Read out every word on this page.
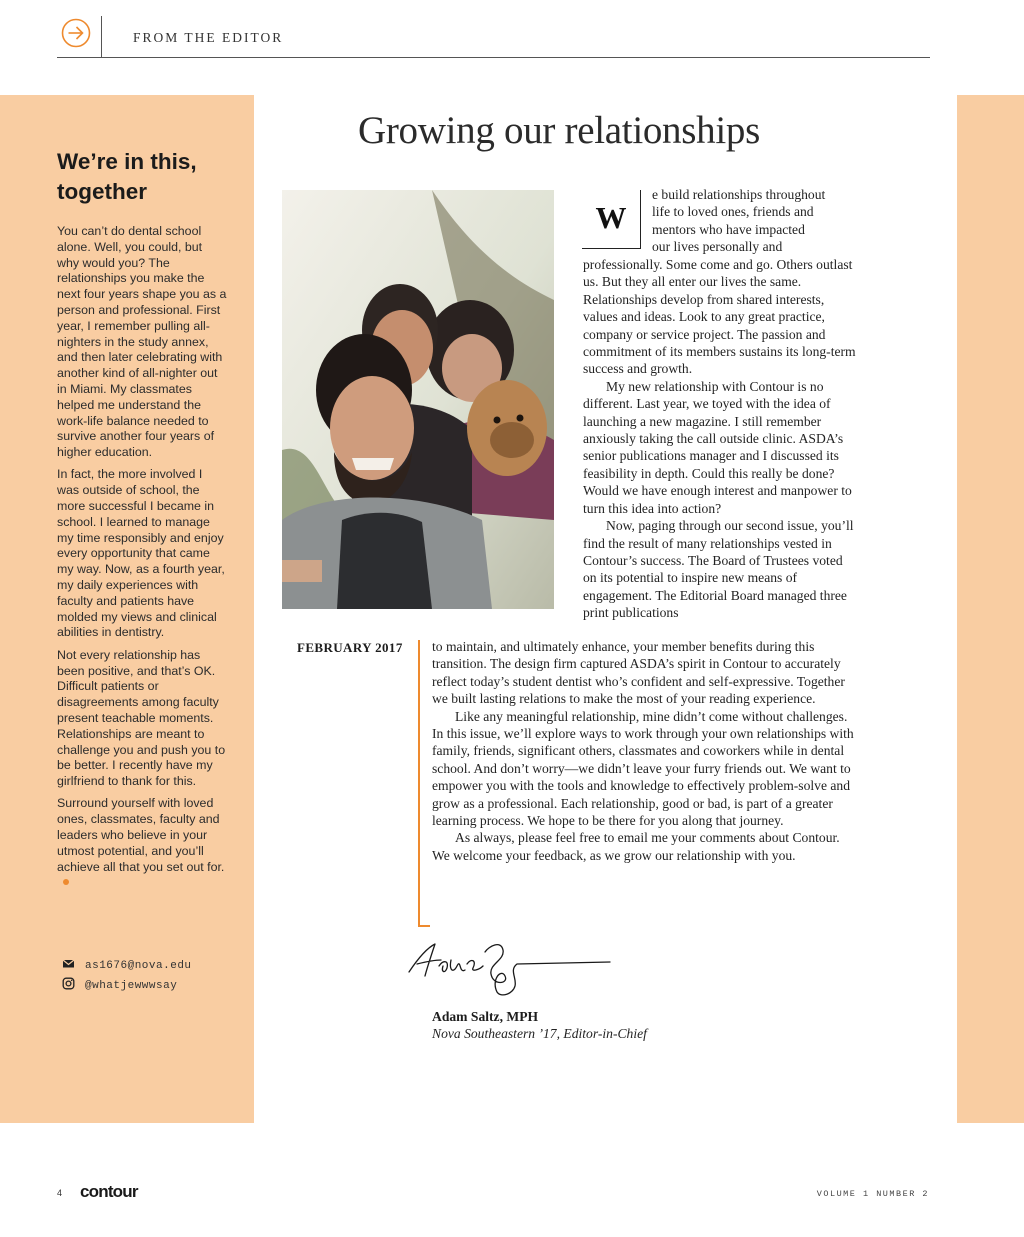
FROM THE EDITOR
We’re in this,
together

You can’t do dental school alone. Well, you could, but why would you? The relationships you make the next four years shape you as a person and professional. First year, I remember pulling all-nighters in the study annex, and then later celebrating with another kind of all-nighter out in Miami. My classmates helped me understand the work-life balance needed to survive another four years of higher education.

In fact, the more involved I was outside of school, the more successful I became in school. I learned to manage my time responsibly and enjoy every opportunity that came my way. Now, as a fourth year, my daily experiences with faculty and patients have molded my views and clinical abilities in dentistry.

Not every relationship has been positive, and that’s OK. Difficult patients or disagreements among faculty present teachable moments. Relationships are meant to challenge you and push you to be better. I recently have my girlfriend to thank for this.

Surround yourself with loved ones, classmates, faculty and leaders who believe in your utmost potential, and you’ll achieve all that you set out for.

as1676@nova.edu
@whatjewwwsay
Growing our relationships
W

e build relationships throughout

life to loved ones, friends and

mentors who have impacted

our lives personally and

professionally. Some come and go. Others outlast us. But they all enter our lives the same. Relationships develop from shared interests, values and ideas. Look to any great practice, company or service project. The passion and commitment of its members sustains its long-term success and growth.

My new relationship with Contour is no different. Last year, we toyed with the idea of launching a new magazine. I still remember anxiously taking the call outside clinic. ASDA’s senior publications manager and I discussed its feasibility in depth. Could this really be done? Would we have enough interest and manpower to turn this idea into action?

Now, paging through our second issue, you’ll find the result of many relationships vested in Contour’s success. The Board of Trustees voted on its potential to inspire new means of engagement. The Editorial Board managed three print publications

FEBRUARY 2017 to maintain, and ultimately enhance, your member benefits during this transition. The design firm captured ASDA’s spirit in Contour to accurately reflect today’s student dentist who’s confident and self-expressive. Together we built lasting relations to make the most of your reading experience.

Like any meaningful relationship, mine didn’t come without challenges. In this issue, we’ll explore ways to work through your own relationships with family, friends, significant others, classmates and coworkers while in dental school. And don’t worry—we didn’t leave your furry friends out. We want to empower you with the tools and knowledge to effectively problem-solve and grow as a professional. Each relationship, good or bad, is part of a greater learning process. We hope to be there for you along that journey.

As always, please feel free to email me your comments about Contour. We welcome your feedback, as we grow our relationship with you.

Adam Saltz, MPH
Nova Southeastern ’17, Editor-in-Chief
4 contour	VOLUME 1 NUMBER 2
